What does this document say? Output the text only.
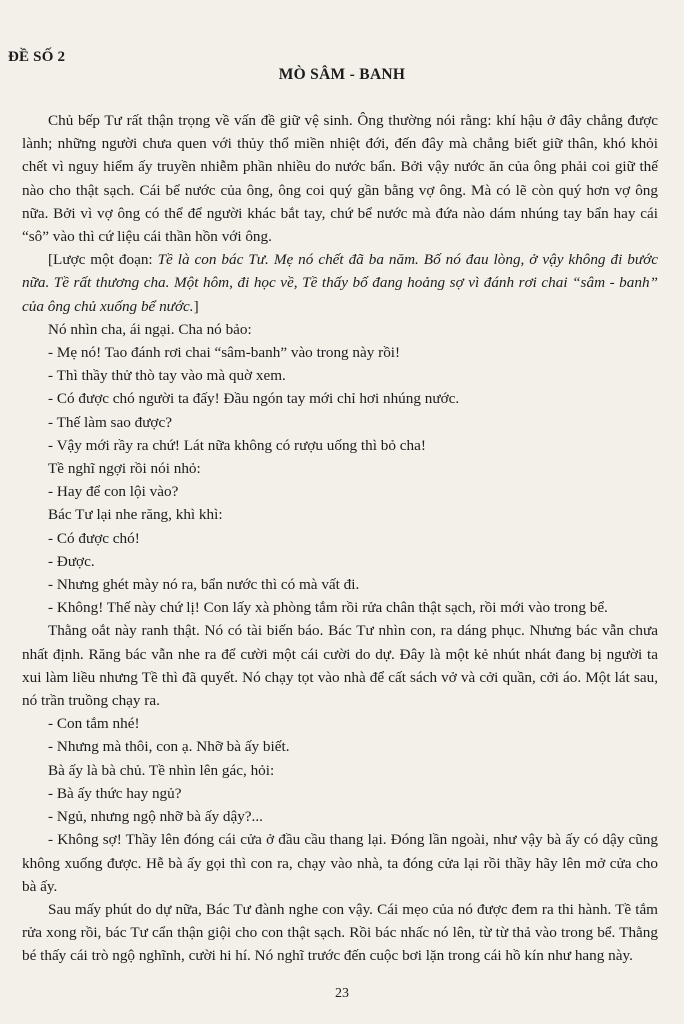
ĐỀ SỐ 2
MÒ SÂM - BANH

Chủ bếp Tư rất thận trọng về vấn đề giữ vệ sinh. Ông thường nói rằng: khí hậu ở đây chẳng được lành; những người chưa quen với thủy thổ miền nhiệt đới, đến đây mà chẳng biết giữ thân, khó khỏi chết vì nguy hiểm ấy truyền nhiễm phần nhiều do nước bẩn. Bởi vậy nước ăn của ông phải coi giữ thế nào cho thật sạch. Cái bể nước của ông, ông coi quý gần bằng vợ ông. Mà có lẽ còn quý hơn vợ ông nữa. Bởi vì vợ ông có thể để người khác bắt tay, chứ bể nước mà đứa nào dám nhúng tay bẩn hay cái “sô” vào thì cứ liệu cái thần hồn với ông.

[Lược một đoạn: Tề là con bác Tư. Mẹ nó chết đã ba năm. Bố nó đau lòng, ở vậy không đi bước nữa. Tề rất thương cha. Một hôm, đi học về, Tề thấy bố đang hoảng sợ vì đánh rơi chai “sâm - banh” của ông chủ xuống bể nước.]

Nó nhìn cha, ái ngại. Cha nó bảo:

- Mẹ nó! Tao đánh rơi chai “sâm-banh” vào trong này rồi!

- Thì thầy thử thò tay vào mà quờ xem.

- Có được chó người ta đấy! Đầu ngón tay mới chỉ hơi nhúng nước.

- Thế làm sao được?

- Vậy mới rầy ra chứ! Lát nữa không có rượu uống thì bỏ cha!

Tề nghĩ ngợi rồi nói nhỏ:

- Hay để con lội vào?

Bác Tư lại nhe răng, khì khì:

- Có được chó!

- Được.

- Nhưng ghét mày nó ra, bẩn nước thì có mà vất đi.

- Không! Thế này chứ lị! Con lấy xà phòng tắm rồi rửa chân thật sạch, rồi mới vào trong bể.

Thằng oắt này ranh thật. Nó có tài biến báo. Bác Tư nhìn con, ra dáng phục. Nhưng bác vẫn chưa nhất định. Răng bác vẫn nhe ra để cười một cái cười do dự. Đây là một kẻ nhút nhát đang bị người ta xui làm liều nhưng Tề thì đã quyết. Nó chạy tọt vào nhà để cất sách vở và cởi quần, cởi áo. Một lát sau, nó trần truồng chạy ra.

- Con tắm nhé!

- Nhưng mà thôi, con ạ. Nhỡ bà ấy biết.

Bà ấy là bà chủ. Tề nhìn lên gác, hỏi:

- Bà ấy thức hay ngủ?

- Ngủ, nhưng ngộ nhỡ bà ấy dậy?...

- Không sợ! Thầy lên đóng cái cửa ở đầu cầu thang lại. Đóng lần ngoài, như vậy bà ấy có dậy cũng không xuống được. Hễ bà ấy gọi thì con ra, chạy vào nhà, ta đóng cửa lại rồi thầy hãy lên mở cửa cho bà ấy.

Sau mấy phút do dự nữa, Bác Tư đành nghe con vậy. Cái mẹo của nó được đem ra thi hành. Tề tắm rửa xong rồi, bác Tư cẩn thận giội cho con thật sạch. Rồi bác nhấc nó lên, từ từ thả vào trong bể. Thằng bé thấy cái trò ngộ nghĩnh, cười hi hí. Nó nghĩ trước đến cuộc bơi lặn trong cái hồ kín như hang này.

23
